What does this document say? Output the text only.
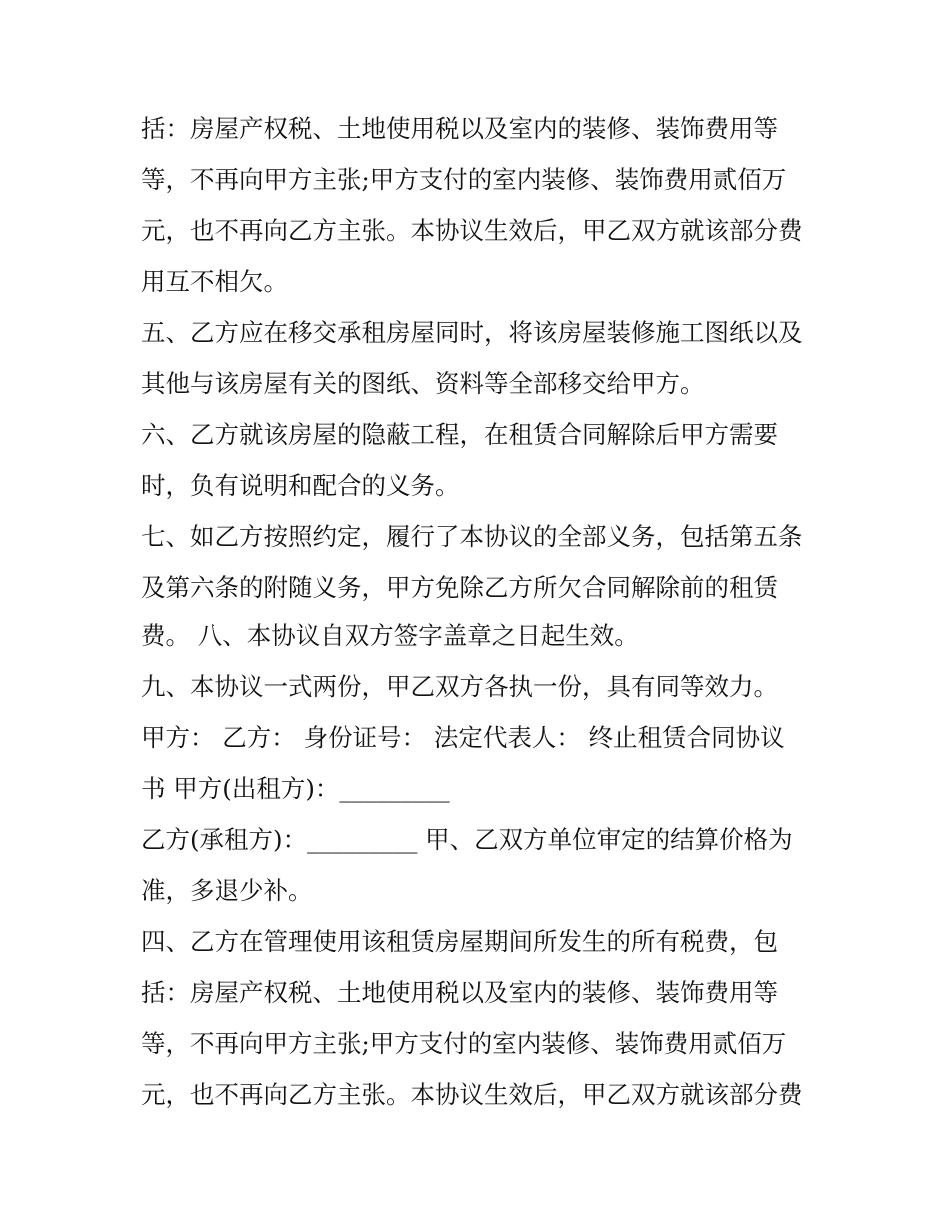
括：房屋产权税、土地使用税以及室内的装修、装饰费用等
等，不再向甲方主张;甲方支付的室内装修、装饰费用贰佰万
元，也不再向乙方主张。本协议生效后，甲乙双方就该部分费
用互不相欠。
五、乙方应在移交承租房屋同时，将该房屋装修施工图纸以及
其他与该房屋有关的图纸、资料等全部移交给甲方。
六、乙方就该房屋的隐蔽工程，在租赁合同解除后甲方需要
时，负有说明和配合的义务。
七、如乙方按照约定，履行了本协议的全部义务，包括第五条
及第六条的附随义务，甲方免除乙方所欠合同解除前的租赁
费。 八、本协议自双方签字盖章之日起生效。
九、本协议一式两份，甲乙双方各执一份，具有同等效力。
甲方： 乙方： 身份证号： 法定代表人： 终止租赁合同协议
书 甲方(出租方)：_________
乙方(承租方)：_________ 甲、乙双方单位审定的结算价格为
准，多退少补。
四、乙方在管理使用该租赁房屋期间所发生的所有税费，包
括：房屋产权税、土地使用税以及室内的装修、装饰费用等
等，不再向甲方主张;甲方支付的室内装修、装饰费用贰佰万
元，也不再向乙方主张。本协议生效后，甲乙双方就该部分费
